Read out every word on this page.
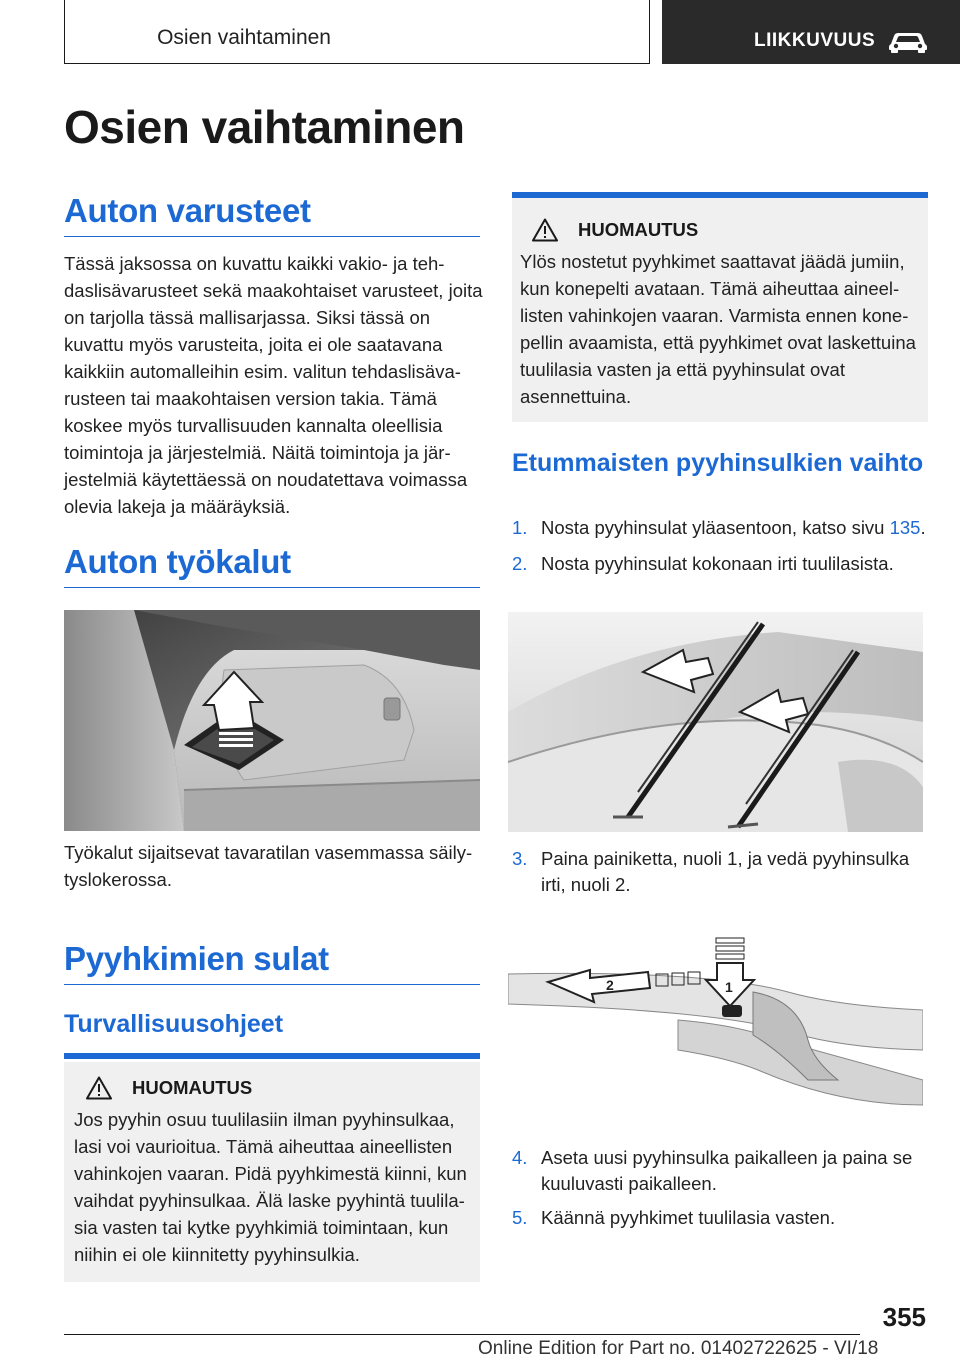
Osien vaihtaminen	LIIKKUVUUS
Osien vaihtaminen
Auton varusteet

Tässä jaksossa on kuvattu kaikki vakio- ja tehdaslisävarusteet sekä maakohtaiset varusteet, joita on tarjolla tässä mallisarjassa. Siksi tässä on kuvattu myös varusteita, joita ei ole saatavana kaikkiin automalleihin esim. valitun tehdaslisävarusteen tai maakohtaisen version takia. Tämä koskee myös turvallisuuden kannalta oleellisia toimintoja ja järjestelmiä. Näitä toimintoja ja järjestelmiä käytettäessä on noudatettava voimassa olevia lakeja ja määräyksiä.

Auton työkalut

Työkalut sijaitsevat tavaratilan vasemmassa säilytyslokerossa.

Pyyhkimien sulat
Turvallisuusohjeet
HUOMAUTUS

Jos pyyhin osuu tuulilasiin ilman pyyhinsulkaa, lasi voi vaurioitua. Tämä aiheuttaa aineellisten vahinkojen vaaran. Pidä pyyhkimestä kiinni, kun vaihdat pyyhinsulkaa. Älä laske pyyhintä tuulilasia vasten tai kytke pyyhkimiä toimintaan, kun niihin ei ole kiinnitetty pyyhinsulkia.

HUOMAUTUS

Ylös nostetut pyyhkimet saattavat jäädä jumiin, kun konepelti avataan. Tämä aiheuttaa aineellisten vahinkojen vaaran. Varmista ennen konepellin avaamista, että pyyhkimet ovat laskettuina tuulilasia vasten ja että pyyhinsulat ovat asennettuina.

Etummaisten pyyhinsulkien vaihto
1. Nosta pyyhinsulat yläasentoon, katso sivu 135.
2. Nosta pyyhinsulat kokonaan irti tuulilasista.
3. Paina painiketta, nuoli 1, ja vedä pyyhinsulka irti, nuoli 2.
2	1
4. Aseta uusi pyyhinsulka paikalleen ja paina se kuuluvasti paikalleen.
5. Käännä pyyhkimet tuulilasia vasten.
355
Online Edition for Part no. 01402722625 - VI/18
